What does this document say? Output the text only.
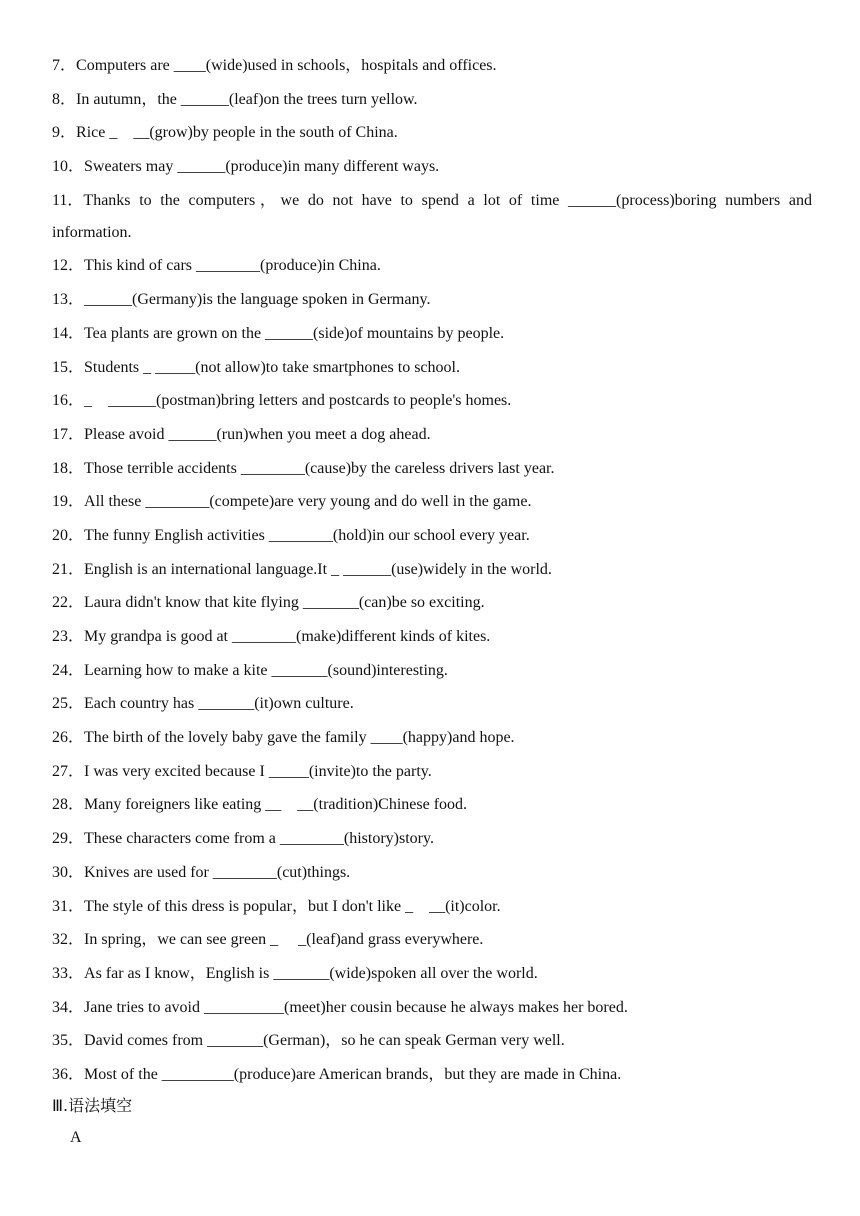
7．Computers are ____(wide)used in schools，hospitals and offices.
8．In autumn，the ______(leaf)on the trees turn yellow.
9．Rice _    __(grow)by people in the south of China.
10．Sweaters may ______(produce)in many different ways.
11．Thanks to the computers，we do not have to spend a lot of time ______(process)boring numbers and information.
12．This kind of cars ________(produce)in China.
13．______(Germany)is the language spoken in Germany.
14．Tea plants are grown on the ______(side)of mountains by people.
15．Students _ _____(not allow)to take smartphones to school.
16．_    ______(postman)bring letters and postcards to people's homes.
17．Please avoid ______(run)when you meet a dog ahead.
18．Those terrible accidents ________(cause)by the careless drivers last year.
19．All these ________(compete)are very young and do well in the game.
20．The funny English activities ________(hold)in our school every year.
21．English is an international language.It _ ______(use)widely in the world.
22．Laura didn't know that kite flying _______(can)be so exciting.
23．My grandpa is good at ________(make)different kinds of kites.
24．Learning how to make a kite _______(sound)interesting.
25．Each country has _______(it)own culture.
26．The birth of the lovely baby gave the family ____(happy)and hope.
27．I was very excited because I _____(invite)to the party.
28．Many foreigners like eating __    __(tradition)Chinese food.
29．These characters come from a ________(history)story.
30．Knives are used for ________(cut)things.
31．The style of this dress is popular，but I don't like _    __(it)color.
32．In spring，we can see green _     _(leaf)and grass everywhere.
33．As far as I know，English is _______(wide)spoken all over the world.
34．Jane tries to avoid __________(meet)her cousin because he always makes her bored.
35．David comes from _______(German)，so he can speak German very well.
36．Most of the _________(produce)are American brands，but they are made in China.
Ⅲ.语法填空
A
